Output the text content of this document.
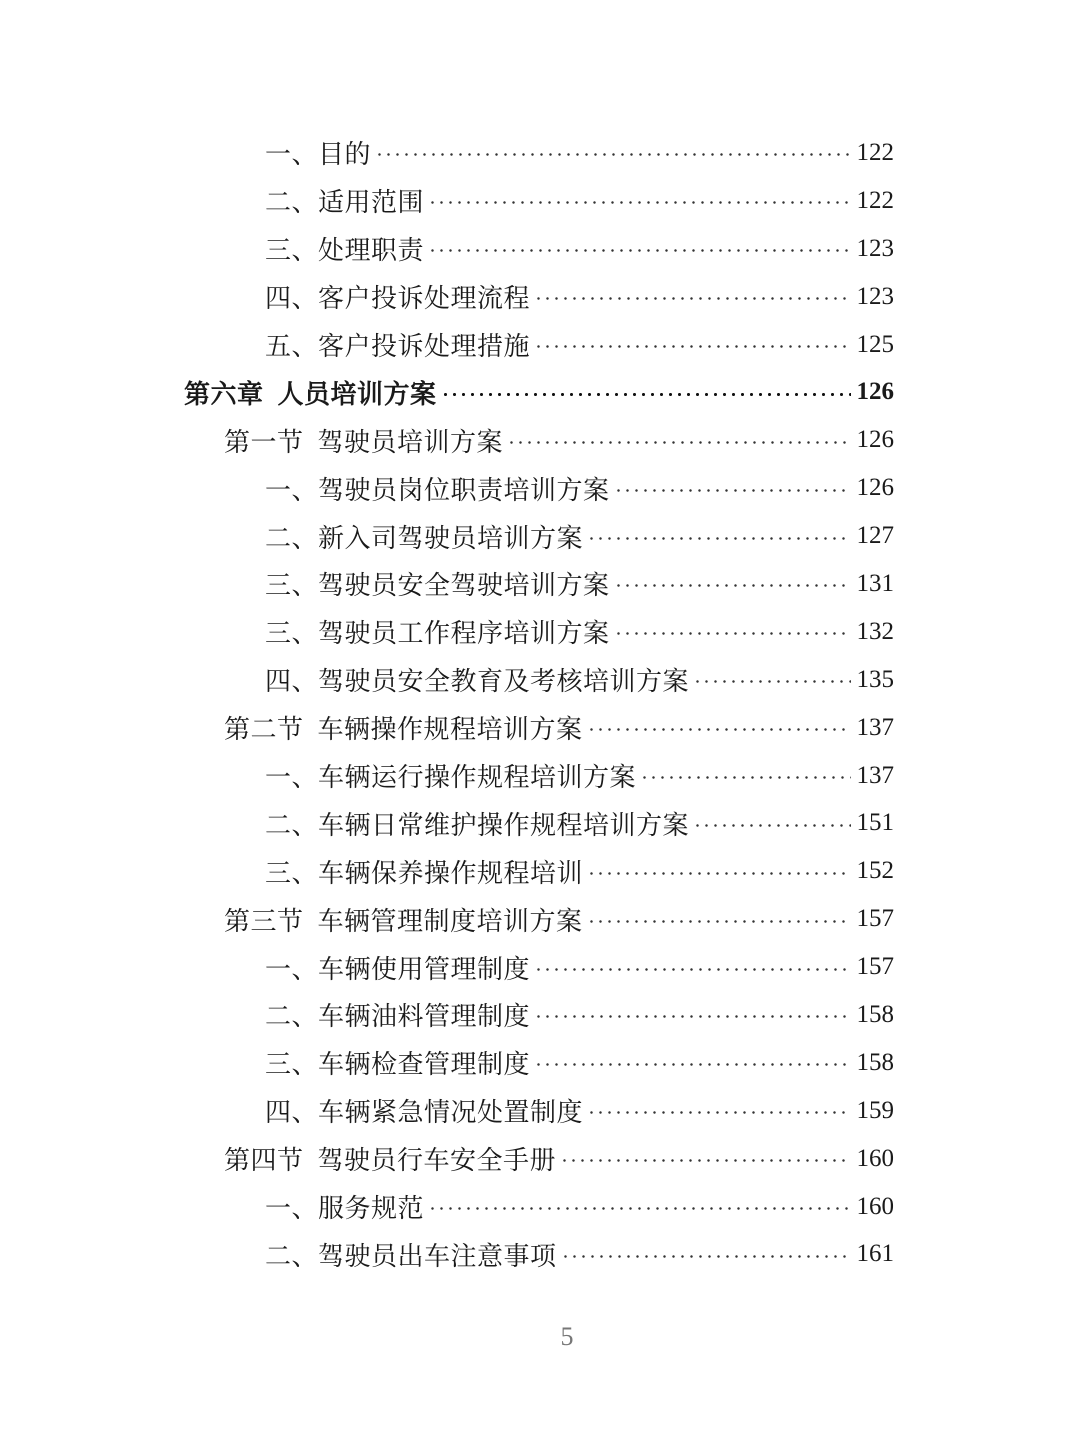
一、目的	122
二、适用范围	122
三、处理职责	123
四、客户投诉处理流程	123
五、客户投诉处理措施	125
第六章 人员培训方案	126
第一节 驾驶员培训方案	126
一、驾驶员岗位职责培训方案	126
二、新入司驾驶员培训方案	127
三、驾驶员安全驾驶培训方案	131
三、驾驶员工作程序培训方案	132
四、驾驶员安全教育及考核培训方案	135
第二节 车辆操作规程培训方案	137
一、车辆运行操作规程培训方案	137
二、车辆日常维护操作规程培训方案	151
三、车辆保养操作规程培训	152
第三节 车辆管理制度培训方案	157
一、车辆使用管理制度	157
二、车辆油料管理制度	158
三、车辆检查管理制度	158
四、车辆紧急情况处置制度	159
第四节 驾驶员行车安全手册	160
一、服务规范	160
二、驾驶员出车注意事项	161
5
